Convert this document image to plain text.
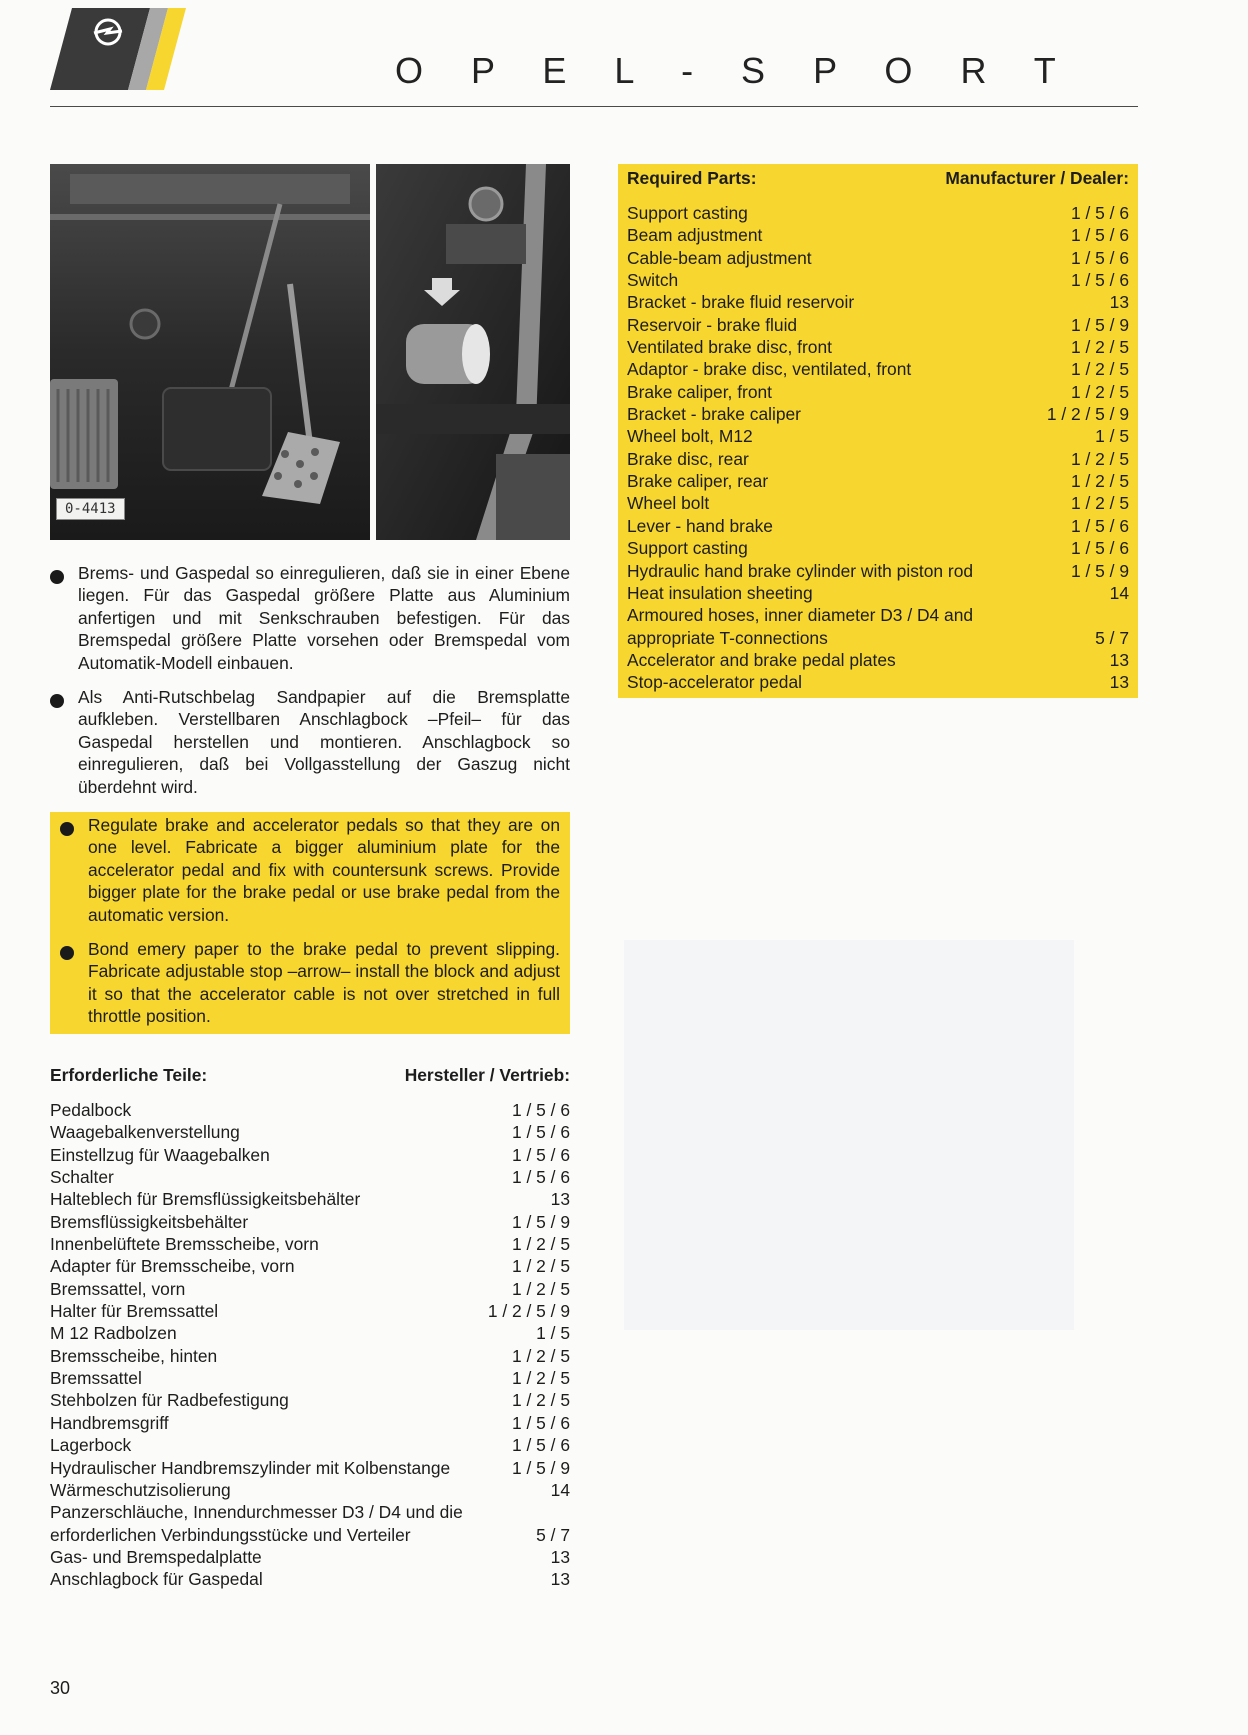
O P E L - S P O R T
0-4413
Brems- und Gaspedal so einregulieren, daß sie in einer Ebene liegen. Für das Gaspedal größere Platte aus Aluminium anfertigen und mit Senkschrauben befestigen. Für das Bremspedal größere Platte vorsehen oder Bremspedal vom Automatik-Modell einbauen.
Als Anti-Rutschbelag Sandpapier auf die Bremsplatte aufkleben. Verstellbaren Anschlagbock –Pfeil– für das Gaspedal herstellen und montieren. Anschlagbock so einregulieren, daß bei Vollgasstellung der Gaszug nicht überdehnt wird.
Regulate brake and accelerator pedals so that they are on one level. Fabricate a bigger aluminium plate for the accelerator pedal and fix with countersunk screws. Provide bigger plate for the brake pedal or use brake pedal from the automatic version.
Bond emery paper to the brake pedal to prevent slipping. Fabricate adjustable stop –arrow– install the block and adjust it so that the accelerator cable is not over stretched in full throttle position.
Erforderliche Teile:	Hersteller / Vertrieb:
Pedalbock	1 / 5 / 6
Waagebalkenverstellung	1 / 5 / 6
Einstellzug für Waagebalken	1 / 5 / 6
Schalter	1 / 5 / 6
Halteblech für Bremsflüssigkeitsbehälter	13
Bremsflüssigkeitsbehälter	1 / 5 / 9
Innenbelüftete Bremsscheibe, vorn	1 / 2 / 5
Adapter für Bremsscheibe, vorn	1 / 2 / 5
Bremssattel, vorn	1 / 2 / 5
Halter für Bremssattel	1 / 2 / 5 / 9
M 12 Radbolzen	1 / 5
Bremsscheibe, hinten	1 / 2 / 5
Bremssattel	1 / 2 / 5
Stehbolzen für Radbefestigung	1 / 2 / 5
Handbremsgriff	1 / 5 / 6
Lagerbock	1 / 5 / 6
Hydraulischer Handbremszylinder mit Kolbenstange	1 / 5 / 9
Wärmeschutzisolierung	14
Panzerschläuche, Innendurchmesser D3 / D4 und die erforderlichen Verbindungsstücke und Verteiler	5 / 7
Gas- und Bremspedalplatte	13
Anschlagbock für Gaspedal	13
Required Parts:	Manufacturer / Dealer:
Support casting	1 / 5 / 6
Beam adjustment	1 / 5 / 6
Cable-beam adjustment	1 / 5 / 6
Switch	1 / 5 / 6
Bracket - brake fluid reservoir	13
Reservoir - brake fluid	1 / 5 / 9
Ventilated brake disc, front	1 / 2 / 5
Adaptor - brake disc, ventilated, front	1 / 2 / 5
Brake caliper, front	1 / 2 / 5
Bracket - brake caliper	1 / 2 / 5 / 9
Wheel bolt, M12	1 / 5
Brake disc, rear	1 / 2 / 5
Brake caliper, rear	1 / 2 / 5
Wheel bolt	1 / 2 / 5
Lever - hand brake	1 / 5 / 6
Support casting	1 / 5 / 6
Hydraulic hand brake cylinder with piston rod	1 / 5 / 9
Heat insulation sheeting	14
Armoured hoses, inner diameter D3 / D4 and appropriate T-connections	5 / 7
Accelerator and brake pedal plates	13
Stop-accelerator pedal	13
30
